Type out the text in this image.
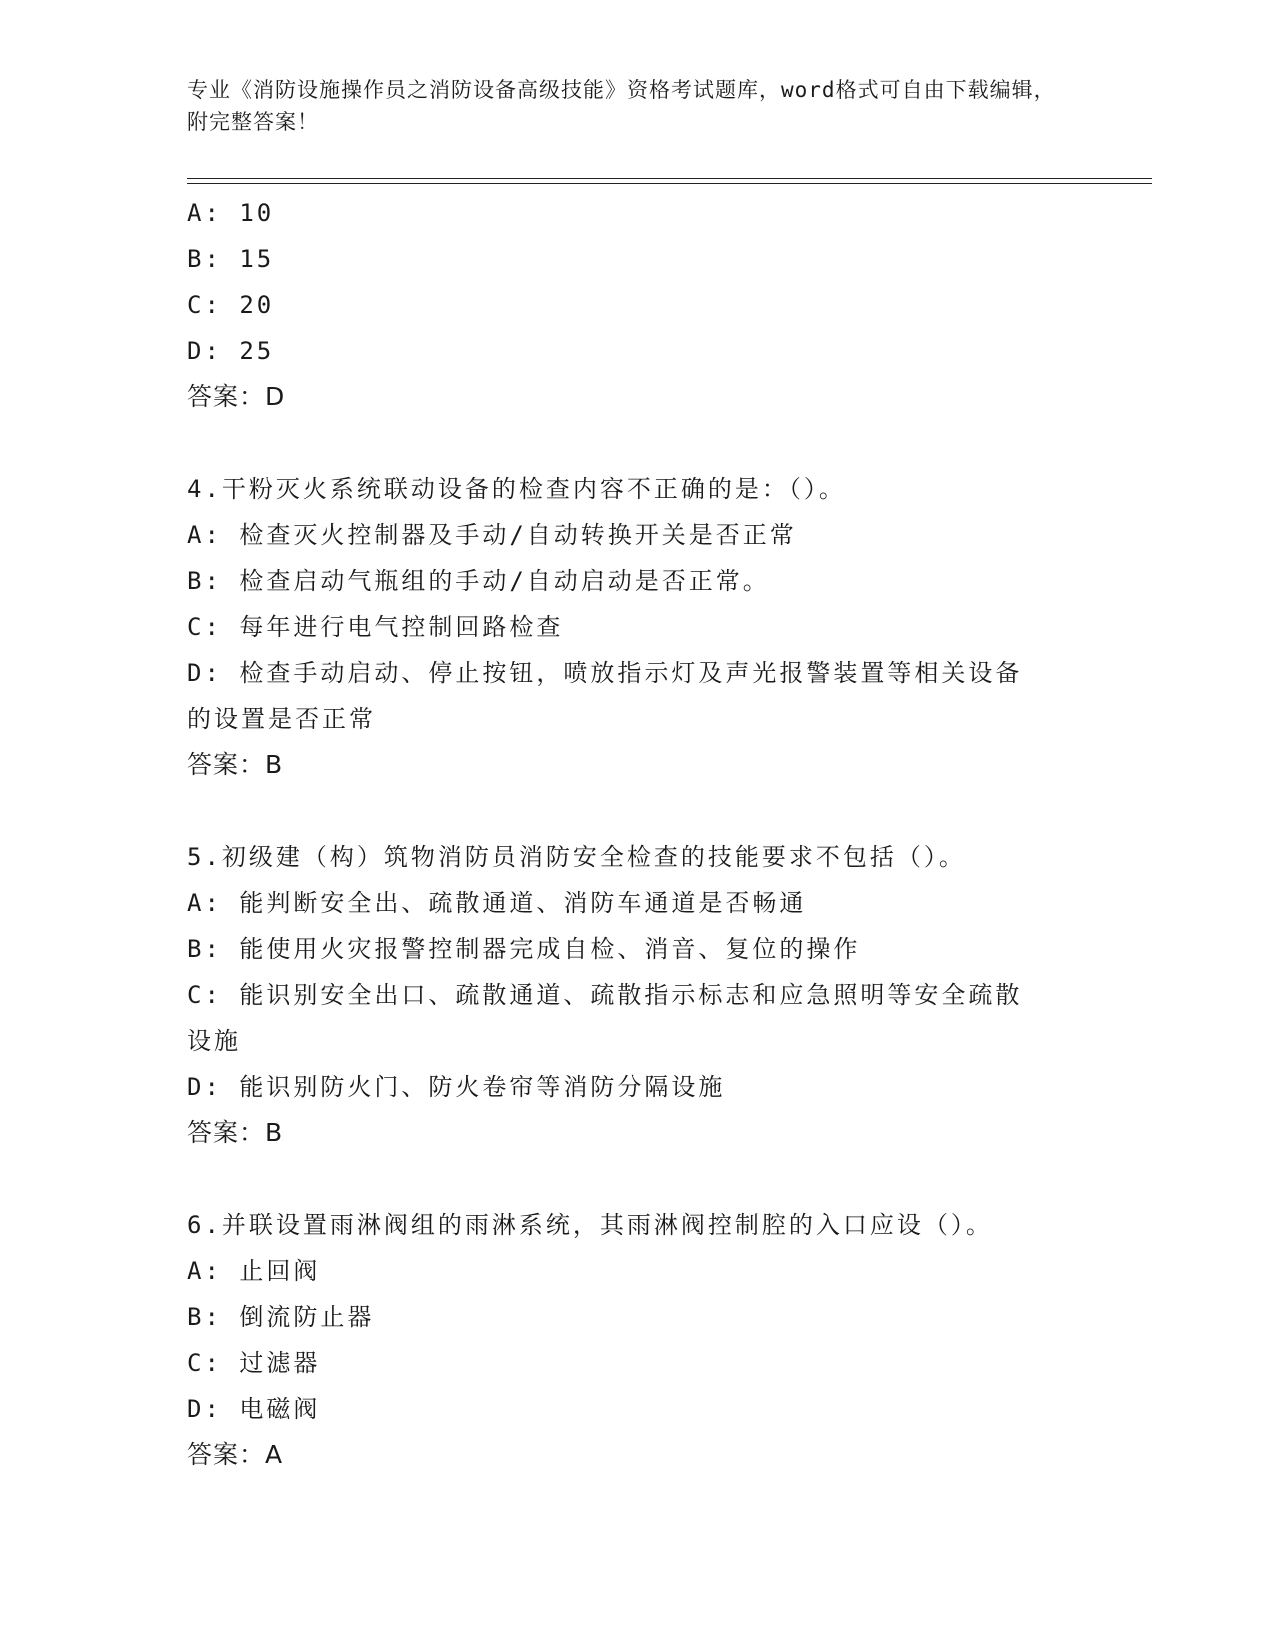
专业《消防设施操作员之消防设备高级技能》资格考试题库，word格式可自由下载编辑，附完整答案！
A: 10
B: 15
C: 20
D: 25
答案：D
4.干粉灭火系统联动设备的检查内容不正确的是：（）。
A: 检查灭火控制器及手动/自动转换开关是否正常
B: 检查启动气瓶组的手动/自动启动是否正常。
C: 每年进行电气控制回路检查
D: 检查手动启动、停止按钮，喷放指示灯及声光报警装置等相关设备的设置是否正常
答案：B
5.初级建（构）筑物消防员消防安全检查的技能要求不包括（）。
A: 能判断安全出、疏散通道、消防车通道是否畅通
B: 能使用火灾报警控制器完成自检、消音、复位的操作
C: 能识别安全出口、疏散通道、疏散指示标志和应急照明等安全疏散设施
D: 能识别防火门、防火卷帘等消防分隔设施
答案：B
6.并联设置雨淋阀组的雨淋系统，其雨淋阀控制腔的入口应设（）。
A: 止回阀
B: 倒流防止器
C: 过滤器
D: 电磁阀
答案：A
